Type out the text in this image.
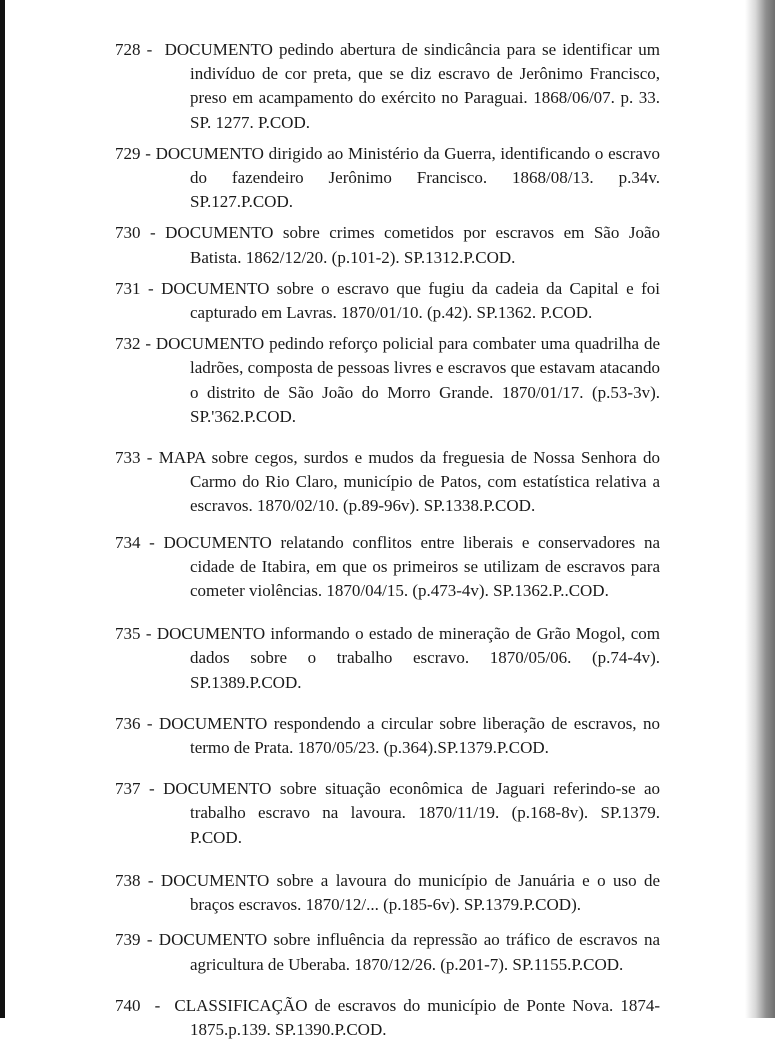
728 -  DOCUMENTO pedindo abertura de sindicância para se identificar um indivíduo de cor preta, que se diz escravo de Jerônimo Francisco, preso em acampamento do exército no Paraguai. 1868/06/07. p. 33. SP. 1277. P.COD.

729 - DOCUMENTO dirigido ao Ministério da Guerra, identificando o escravo do fazendeiro Jerônimo Francisco. 1868/08/13. p.34v. SP.127.P.COD.

730 - DOCUMENTO sobre crimes cometidos por escravos em São João Batista. 1862/12/20. (p.101-2). SP.1312.P.COD.

731 - DOCUMENTO sobre o escravo que fugiu da cadeia da Capital e foi capturado em Lavras. 1870/01/10. (p.42). SP.1362. P.COD.

732 - DOCUMENTO pedindo reforço policial para combater uma quadrilha de ladrões, composta de pessoas livres e escravos que estavam atacando o distrito de São João do Morro Grande. 1870/01/17. (p.53-3v). SP.'362.P.COD.

733 - MAPA sobre cegos, surdos e mudos da freguesia de Nossa Senhora do Carmo do Rio Claro, município de Patos, com estatística relativa a escravos. 1870/02/10. (p.89-96v). SP.1338.P.COD.

734 - DOCUMENTO relatando conflitos entre liberais e conservadores na cidade de Itabira, em que os primeiros se utilizam de escravos para cometer violências. 1870/04/15. (p.473-4v). SP.1362.P..COD.

735 - DOCUMENTO informando o estado de mineração de Grão Mogol, com dados sobre o trabalho escravo. 1870/05/06. (p.74-4v). SP.1389.P.COD.

736 - DOCUMENTO respondendo a circular sobre liberação de escravos, no termo de Prata. 1870/05/23. (p.364).SP.1379.P.COD.

737 - DOCUMENTO sobre situação econômica de Jaguari referindo-se ao trabalho escravo na lavoura. 1870/11/19. (p.168-8v). SP.1379. P.COD.

738 - DOCUMENTO sobre a lavoura do município de Januária e o uso de braços escravos. 1870/12/... (p.185-6v). SP.1379.P.COD).

739 - DOCUMENTO sobre influência da repressão ao tráfico de escravos na agricultura de Uberaba. 1870/12/26. (p.201-7). SP.1155.P.COD.

740  -  CLASSIFICAÇÃO de escravos do município de Ponte Nova. 1874-1875.p.139. SP.1390.P.COD.
